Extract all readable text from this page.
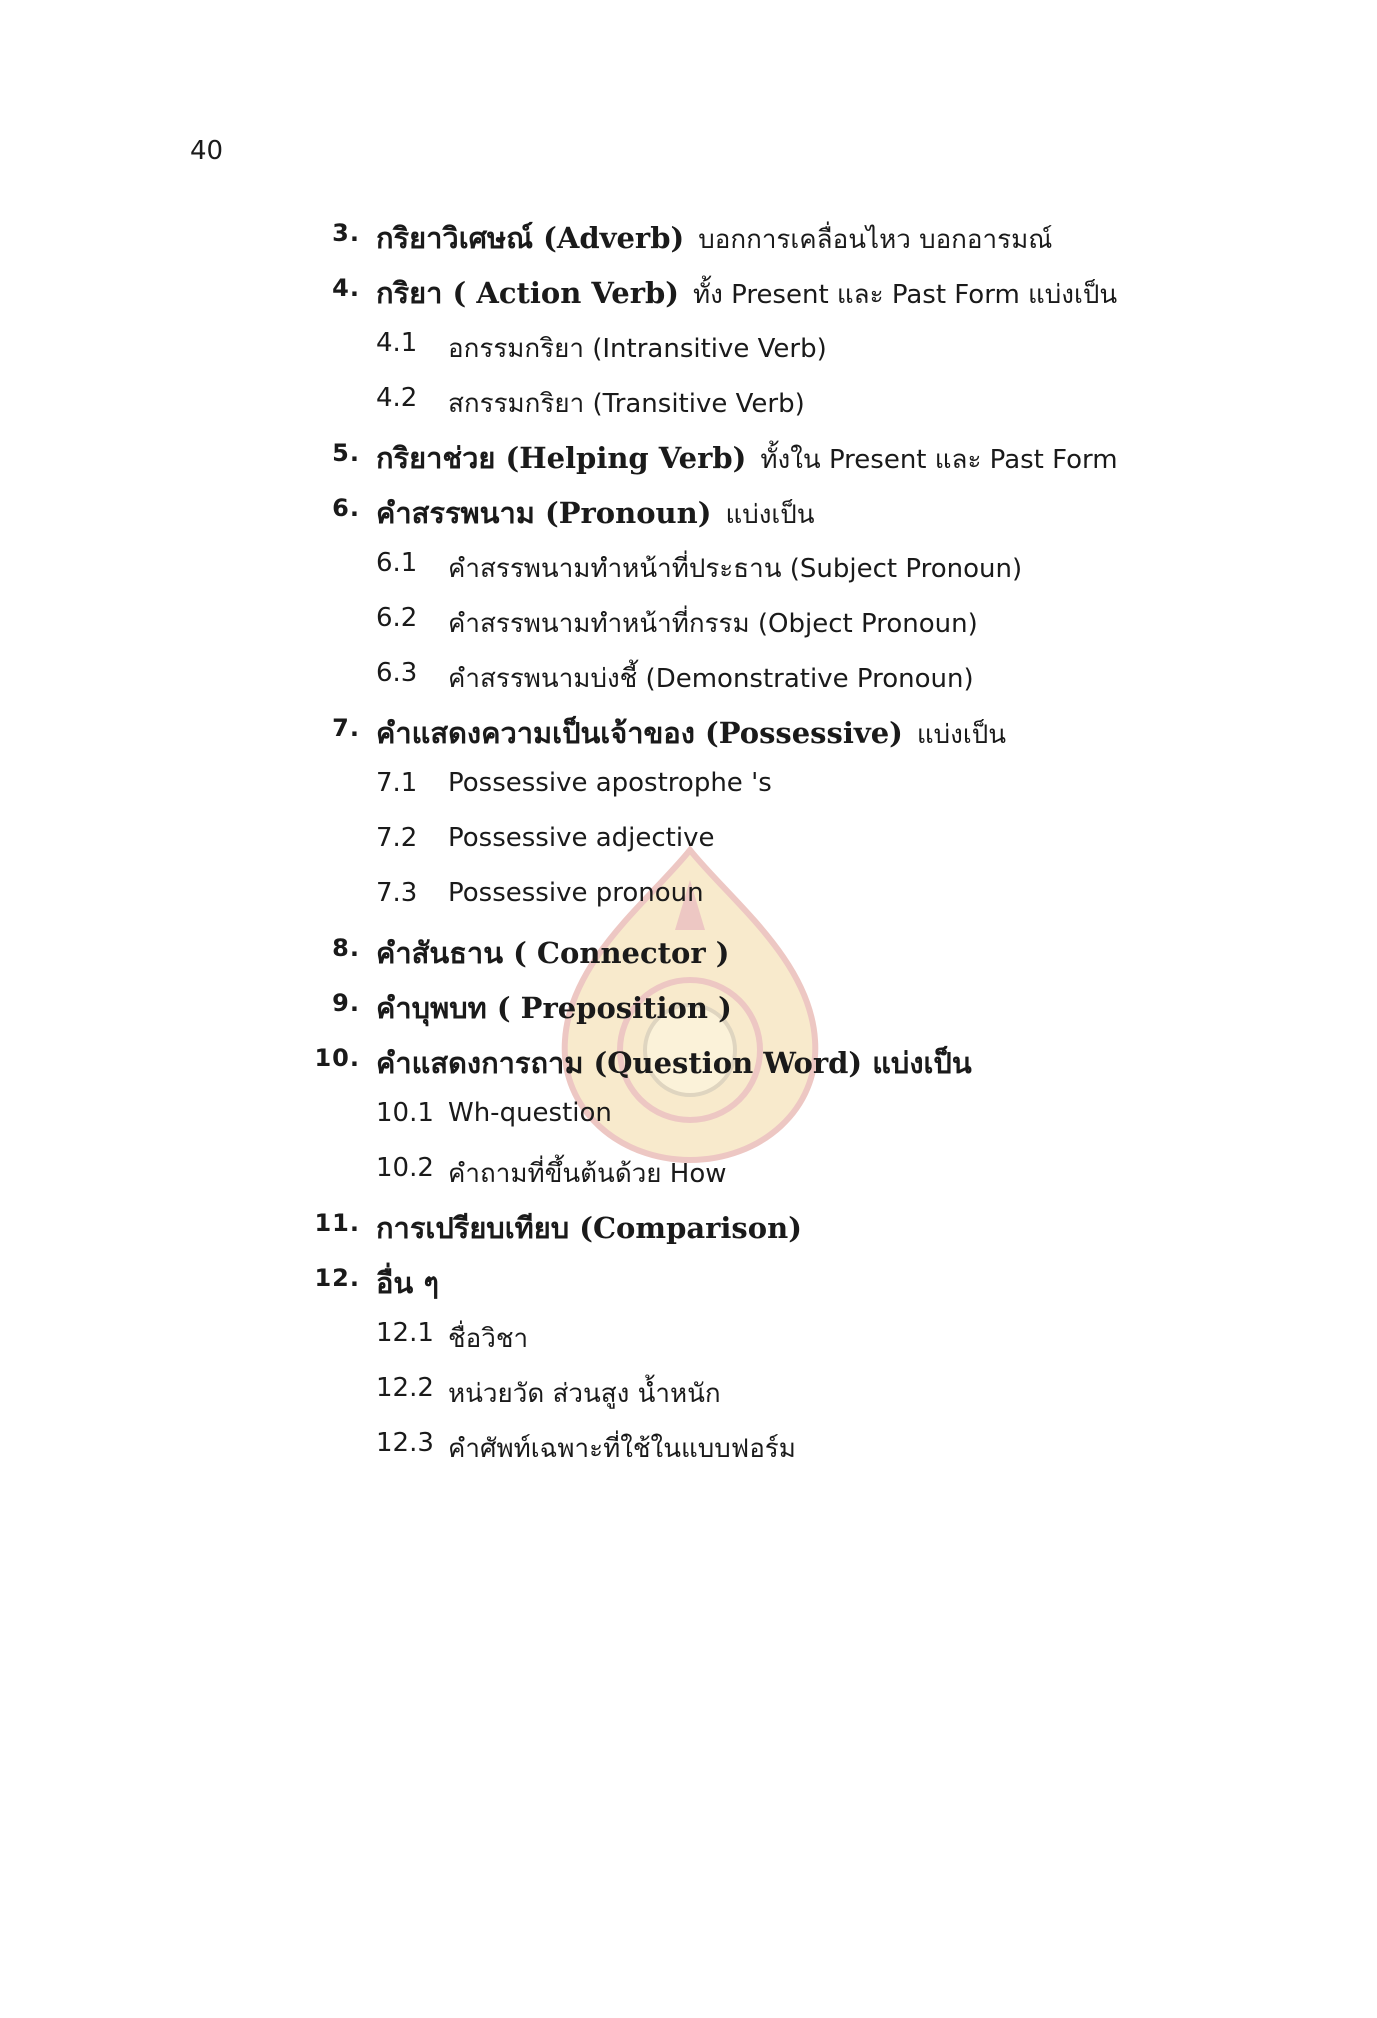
40
3. กริยาวิเศษณ์ (Adverb) บอกการเคลื่อนไหว บอกอารมณ์
4. กริยา ( Action Verb) ทั้ง Present และ Past Form แบ่งเป็น
4.1 อกรรมกริยา (Intransitive Verb)
4.2 สกรรมกริยา (Transitive Verb)
5. กริยาช่วย (Helping Verb) ทั้งใน Present และ Past Form
6. คำสรรพนาม (Pronoun) แบ่งเป็น
6.1 คำสรรพนามทำหน้าที่ประธาน (Subject Pronoun)
6.2 คำสรรพนามทำหน้าที่กรรม (Object Pronoun)
6.3 คำสรรพนามบ่งชี้ (Demonstrative Pronoun)
7. คำแสดงความเป็นเจ้าของ (Possessive) แบ่งเป็น
7.1 Possessive apostrophe 's
7.2 Possessive adjective
7.3 Possessive pronoun
8. คำสันธาน ( Connector )
9. คำบุพบท ( Preposition )
10. คำแสดงการถาม (Question Word) แบ่งเป็น
10.1 Wh-question
10.2 คำถามที่ขึ้นต้นด้วย How
11. การเปรียบเทียบ (Comparison)
12. อื่น ๆ
12.1 ชื่อวิชา
12.2 หน่วยวัด ส่วนสูง น้ำหนัก
12.3 คำศัพท์เฉพาะที่ใช้ในแบบฟอร์ม
